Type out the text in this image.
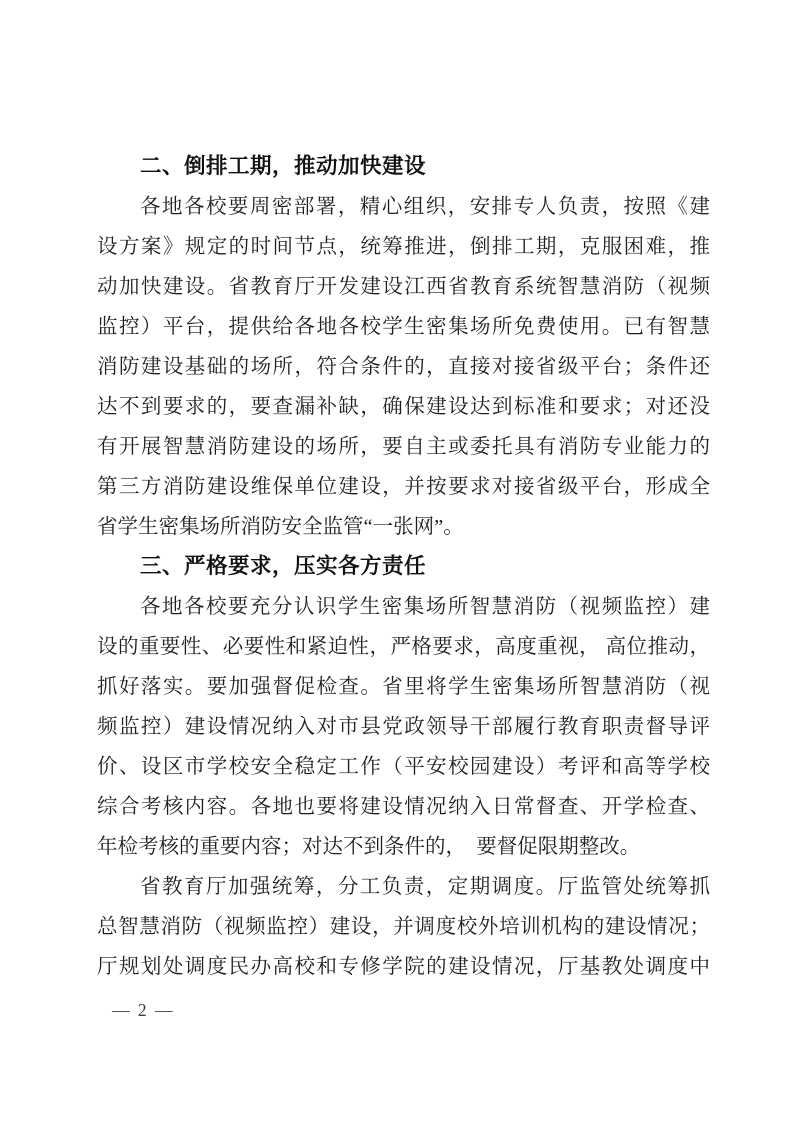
二、倒排工期，推动加快建设
各地各校要周密部署，精心组织，安排专人负责，按照《建
设方案》规定的时间节点，统筹推进，倒排工期，克服困难，推
动加快建设。省教育厅开发建设江西省教育系统智慧消防（视频
监控）平台，提供给各地各校学生密集场所免费使用。已有智慧
消防建设基础的场所，符合条件的，直接对接省级平台；条件还
达不到要求的，要查漏补缺，确保建设达到标准和要求；对还没
有开展智慧消防建设的场所，要自主或委托具有消防专业能力的
第三方消防建设维保单位建设，并按要求对接省级平台，形成全
省学生密集场所消防安全监管“一张网”。
三、严格要求，压实各方责任
各地各校要充分认识学生密集场所智慧消防（视频监控）建
设的重要性、必要性和紧迫性，严格要求，高度重视， 高位推动，
抓好落实。要加强督促检查。省里将学生密集场所智慧消防（视
频监控）建设情况纳入对市县党政领导干部履行教育职责督导评
价、设区市学校安全稳定工作（平安校园建设）考评和高等学校
综合考核内容。各地也要将建设情况纳入日常督查、开学检查、
年检考核的重要内容；对达不到条件的，　要督促限期整改。
省教育厅加强统筹，分工负责，定期调度。厅监管处统筹抓
总智慧消防（视频监控）建设，并调度校外培训机构的建设情况；
厅规划处调度民办高校和专修学院的建设情况，厅基教处调度中
— 2 —
